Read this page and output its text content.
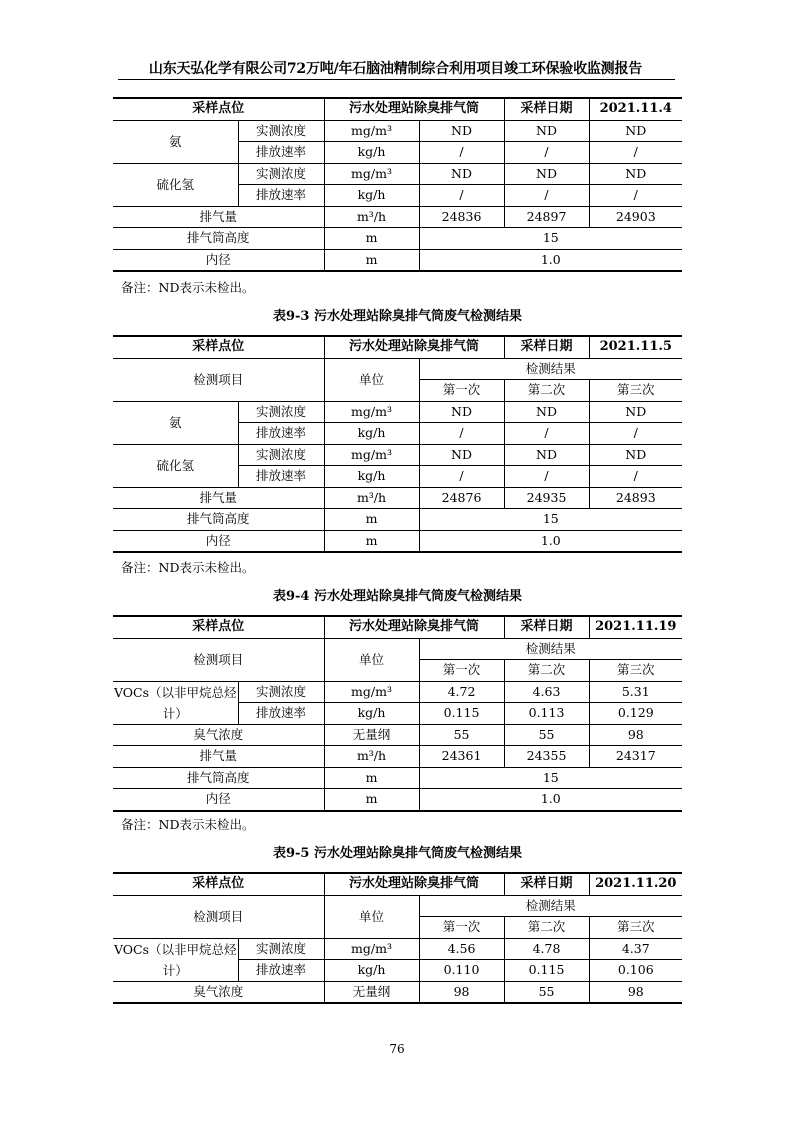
山东天弘化学有限公司72万吨/年石脑油精制综合利用项目竣工环保验收监测报告
采样点位		污水处理站除臭排气筒		采样日期	2021.11.4
氨	实测浓度	mg/m³	ND	ND	ND
	排放速率	kg/h	/	/	/
硫化氢	实测浓度	mg/m³	ND	ND	ND
	排放速率	kg/h	/	/	/
排气量		m³/h	24836	24897	24903
排气筒高度		m	15		
内径		m	1.0		
备注：ND表示未检出。
表9-3 污水处理站除臭排气筒废气检测结果
采样点位		污水处理站除臭排气筒		采样日期	2021.11.5
检测项目		单位	检测结果		
			第一次	第二次	第三次
氨	实测浓度	mg/m³	ND	ND	ND
	排放速率	kg/h	/	/	/
硫化氢	实测浓度	mg/m³	ND	ND	ND
	排放速率	kg/h	/	/	/
排气量		m³/h	24876	24935	24893
排气筒高度		m	15		
内径		m	1.0		
备注：ND表示未检出。
表9-4 污水处理站除臭排气筒废气检测结果
采样点位		污水处理站除臭排气筒		采样日期	2021.11.19
检测项目		单位	检测结果		
			第一次	第二次	第三次
VOCs（以非甲烷总烃计）	实测浓度	mg/m³	4.72	4.63	5.31
	排放速率	kg/h	0.115	0.113	0.129
臭气浓度		无量纲	55	55	98
排气量		m³/h	24361	24355	24317
排气筒高度		m	15		
内径		m	1.0		
备注：ND表示未检出。
表9-5 污水处理站除臭排气筒废气检测结果
采样点位		污水处理站除臭排气筒		采样日期	2021.11.20
检测项目		单位	检测结果		
			第一次	第二次	第三次
VOCs（以非甲烷总烃计）	实测浓度	mg/m³	4.56	4.78	4.37
	排放速率	kg/h	0.110	0.115	0.106
臭气浓度		无量纲	98	55	98
76
